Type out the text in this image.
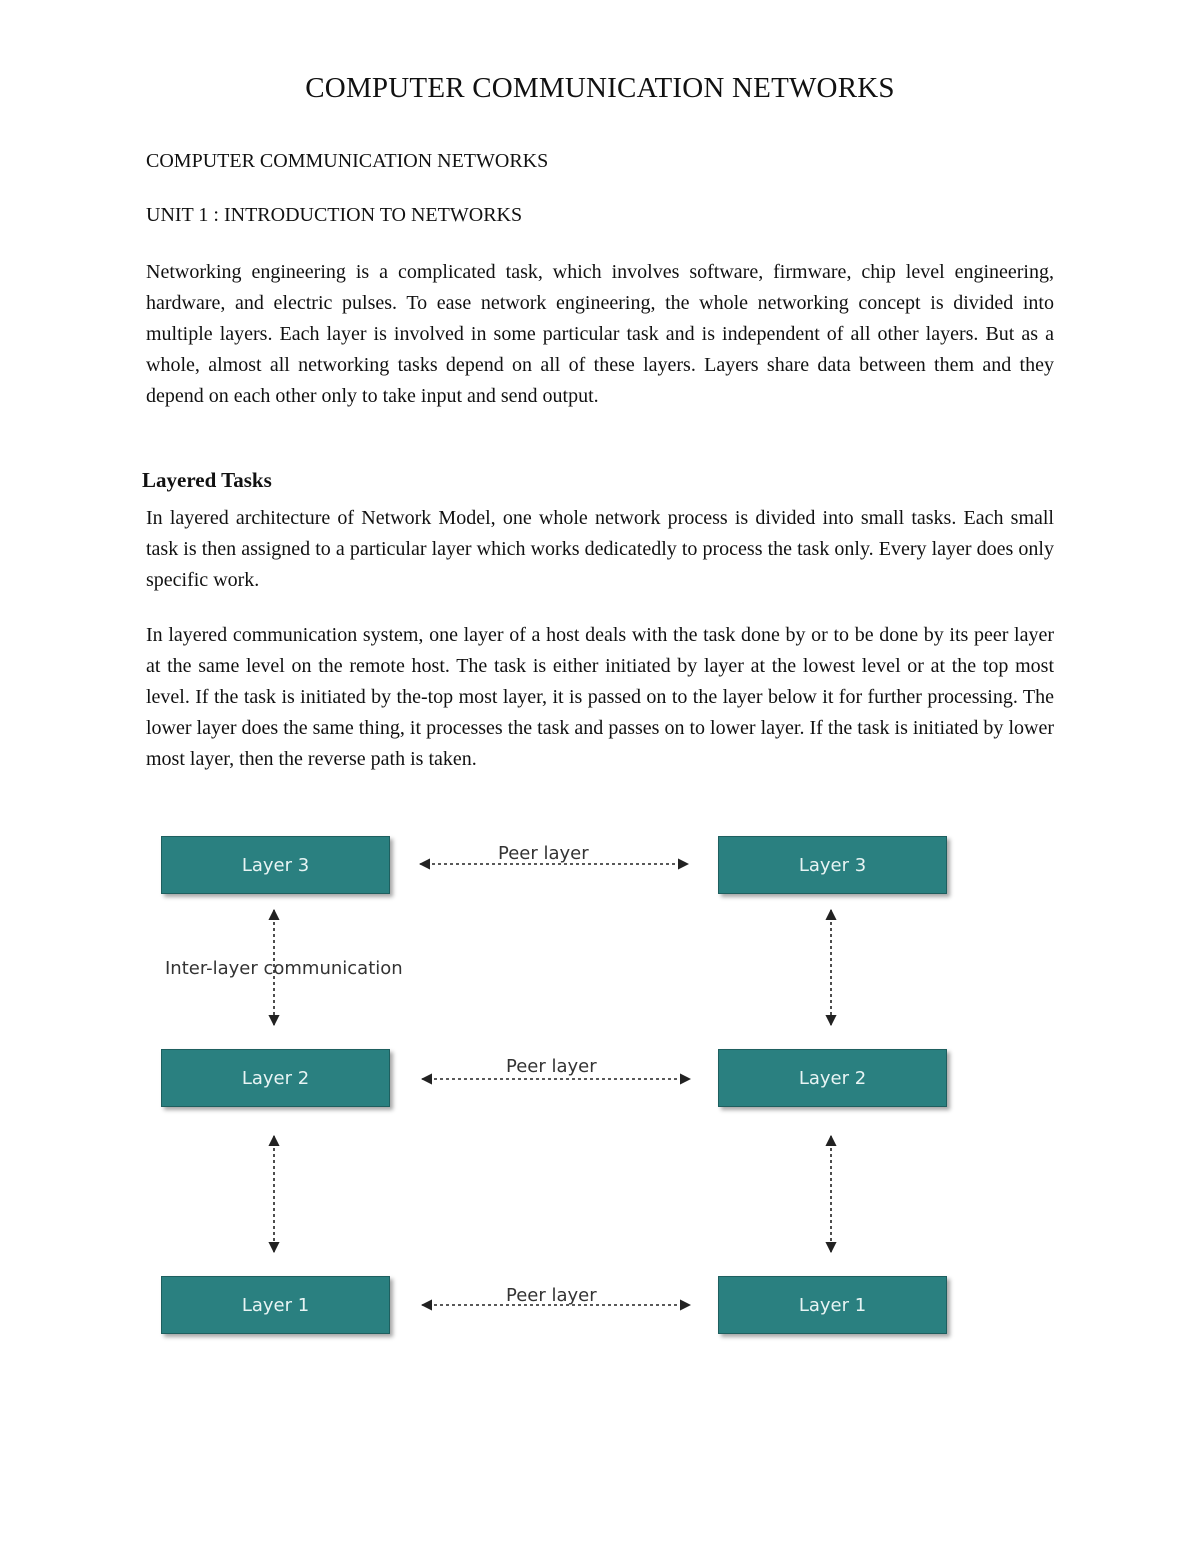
COMPUTER COMMUNICATION NETWORKS
COMPUTER COMMUNICATION NETWORKS
UNIT 1 : INTRODUCTION TO NETWORKS

Networking engineering is a complicated task, which involves software, firmware, chip level engineering, hardware, and electric pulses. To ease network engineering, the whole networking concept is divided into multiple layers. Each layer is involved in some particular task and is independent of all other layers. But as a whole, almost all networking tasks depend on all of these layers. Layers share data between them and they depend on each other only to take input and send output.

Layered Tasks

In layered architecture of Network Model, one whole network process is divided into small tasks. Each small task is then assigned to a particular layer which works dedicatedly to process the task only. Every layer does only specific work.

In layered communication system, one layer of a host deals with the task done by or to be done by its peer layer at the same level on the remote host. The task is either initiated by layer at the lowest level or at the top most level. If the task is initiated by the-top most layer, it is passed on to the layer below it for further processing. The lower layer does the same thing, it processes the task and passes on to lower layer. If the task is initiated by lower most layer, then the reverse path is taken.

Layer 3
Layer 2
Layer 1
Layer 3
Layer 2
Layer 1
Peer layer
Peer layer
Peer layer
Inter-layer communication
